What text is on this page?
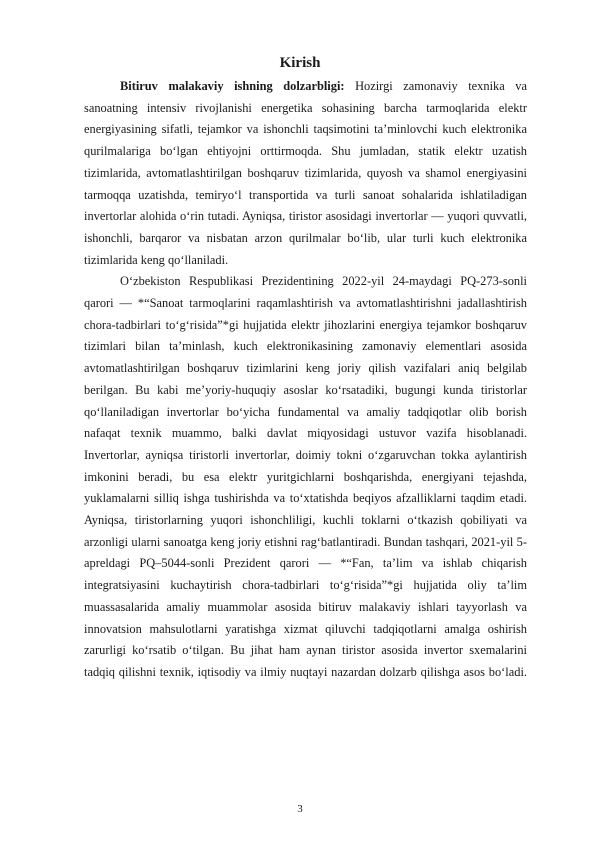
Kirish

Bitiruv malakaviy ishning dolzarbligi: Hozirgi zamonaviy texnika va sanoatning intensiv rivojlanishi energetika sohasining barcha tarmoqlarida elektr energiyasining sifatli, tejamkor va ishonchli taqsimotini ta’minlovchi kuch elektronika qurilmalariga bo‘lgan ehtiyojni orttirmoqda. Shu jumladan, statik elektr uzatish tizimlarida, avtomatlashtirilgan boshqaruv tizimlarida, quyosh va shamol energiyasini tarmoqqa uzatishda, temiryo‘l transportida va turli sanoat sohalarida ishlatiladigan invertorlar alohida o‘rin tutadi. Ayniqsa, tiristor asosidagi invertorlar — yuqori quvvatli, ishonchli, barqaror va nisbatan arzon qurilmalar bo‘lib, ular turli kuch elektronika tizimlarida keng qo‘llaniladi.

O‘zbekiston Respublikasi Prezidentining 2022-yil 24-maydagi PQ-273-sonli qarori — *“Sanoat tarmoqlarini raqamlashtirish va avtomatlashtirishni jadallashtirish chora-tadbirlari to‘g‘risida”*gi hujjatida elektr jihozlarini energiya tejamkor boshqaruv tizimlari bilan ta’minlash, kuch elektronikasining zamonaviy elementlari asosida avtomatlashtirilgan boshqaruv tizimlarini keng joriy qilish vazifalari aniq belgilab berilgan. Bu kabi me’yoriy-huquqiy asoslar ko‘rsatadiki, bugungi kunda tiristorlar qo‘llaniladigan invertorlar bo‘yicha fundamental va amaliy tadqiqotlar olib borish nafaqat texnik muammo, balki davlat miqyosidagi ustuvor vazifa hisoblanadi. Invertorlar, ayniqsa tiristorli invertorlar, doimiy tokni o‘zgaruvchan tokka aylantirish imkonini beradi, bu esa elektr yuritgichlarni boshqarishda, energiyani tejashda, yuklamalarni silliq ishga tushirishda va to‘xtatishda beqiyos afzalliklarni taqdim etadi. Ayniqsa, tiristorlarning yuqori ishonchliligi, kuchli toklarni o‘tkazish qobiliyati va arzonligi ularni sanoatga keng joriy etishni rag‘batlantiradi. Bundan tashqari, 2021-yil 5-apreldagi PQ–5044-sonli Prezident qarori — *“Fan, ta’lim va ishlab chiqarish integratsiyasini kuchaytirish chora-tadbirlari to‘g‘risida”*gi hujjatida oliy ta’lim muassasalarida amaliy muammolar asosida bitiruv malakaviy ishlari tayyorlash va innovatsion mahsulotlarni yaratishga xizmat qiluvchi tadqiqotlarni amalga oshirish zarurligi ko‘rsatib o‘tilgan. Bu jihat ham aynan tiristor asosida invertor sxemalarini tadqiq qilishni texnik, iqtisodiy va ilmiy nuqtayi nazardan dolzarb qilishga asos bo‘ladi.

3
